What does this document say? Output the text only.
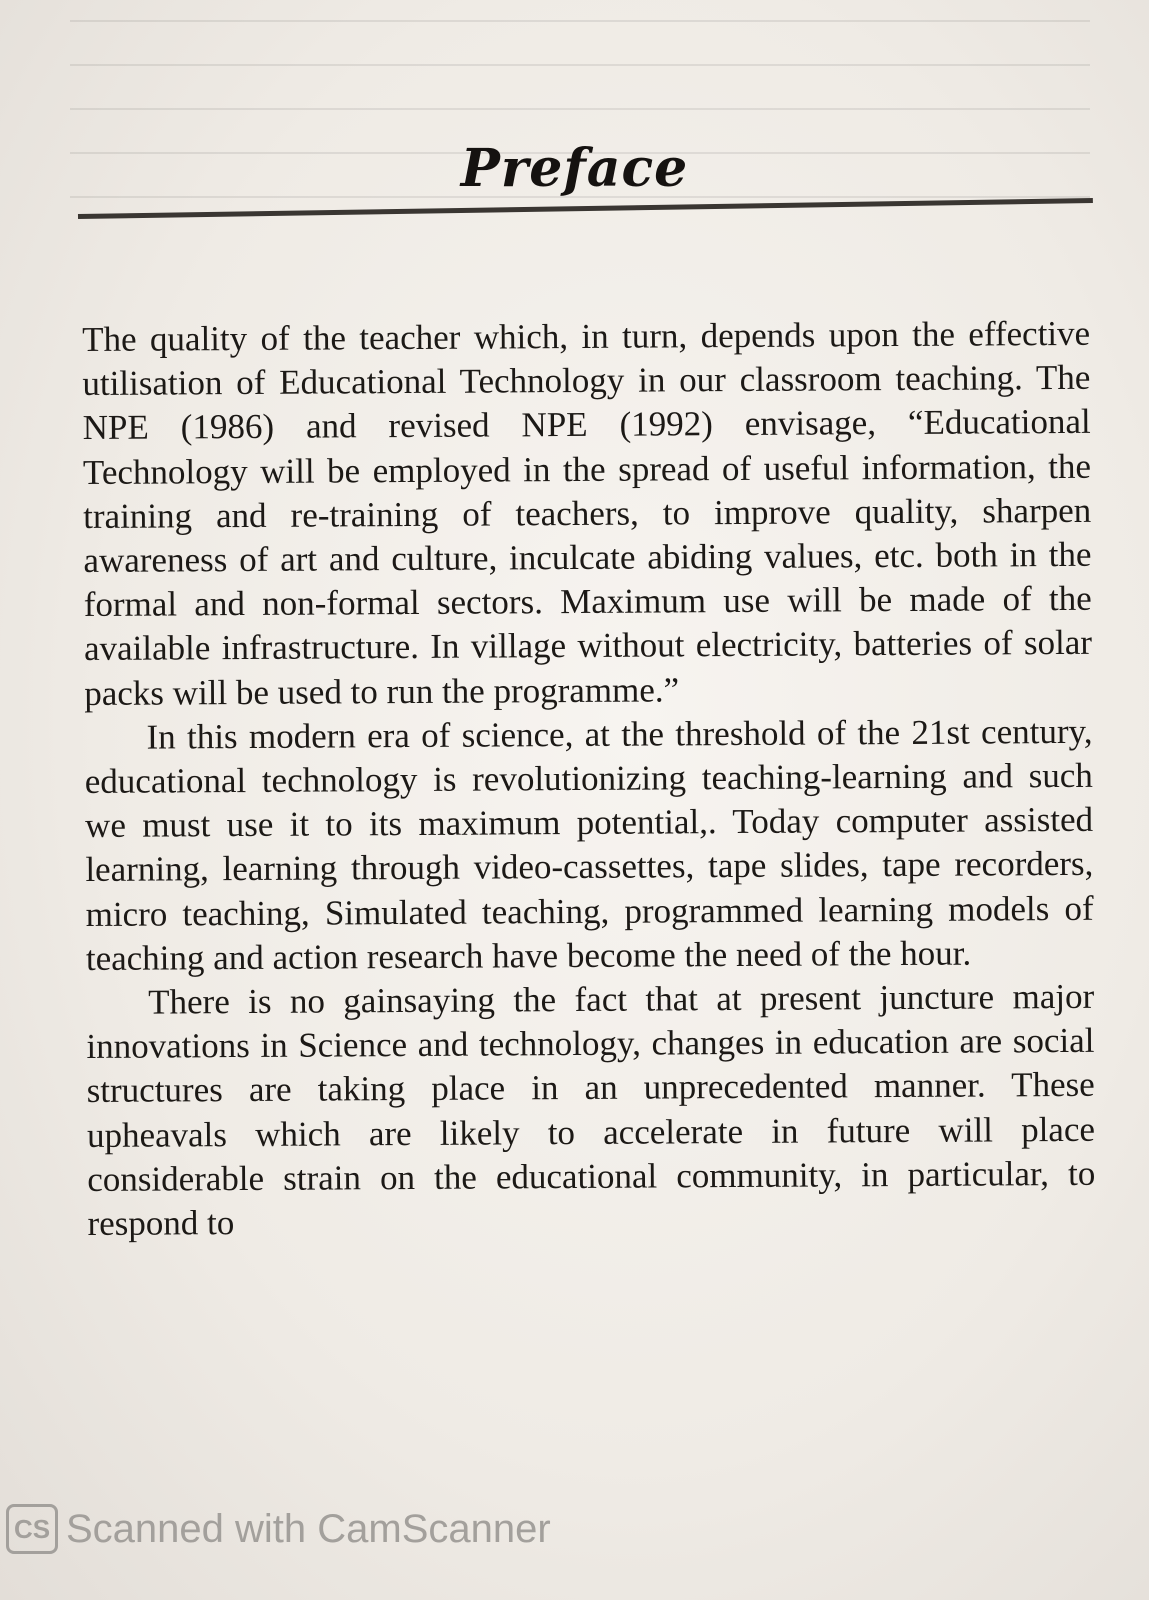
Preface

The quality of the teacher which, in turn, depends upon the effective utilisation of Educational Technology in our classroom teaching. The NPE (1986) and revised NPE (1992) envisage, “Educational Technology will be employed in the spread of useful information, the training and re-training of teachers, to improve quality, sharpen awareness of art and culture, inculcate abiding values, etc. both in the formal and non-formal sectors. Maximum use will be made of the available infrastructure. In village without electricity, batteries of solar packs will be used to run the programme.”

In this modern era of science, at the threshold of the 21st century, educational technology is revolutionizing teaching-learning and such we must use it to its maximum potential,. Today computer assisted learning, learning through video-cassettes, tape slides, tape recorders, micro teaching, Simulated teaching, programmed learning models of teaching and action research have become the need of the hour.

There is no gainsaying the fact that at present juncture major innovations in Science and technology, changes in education are social structures are taking place in an unprecedented manner. These upheavals which are likely to accelerate in future will place considerable strain on the educational community, in particular, to respond to

CS Scanned with CamScanner
